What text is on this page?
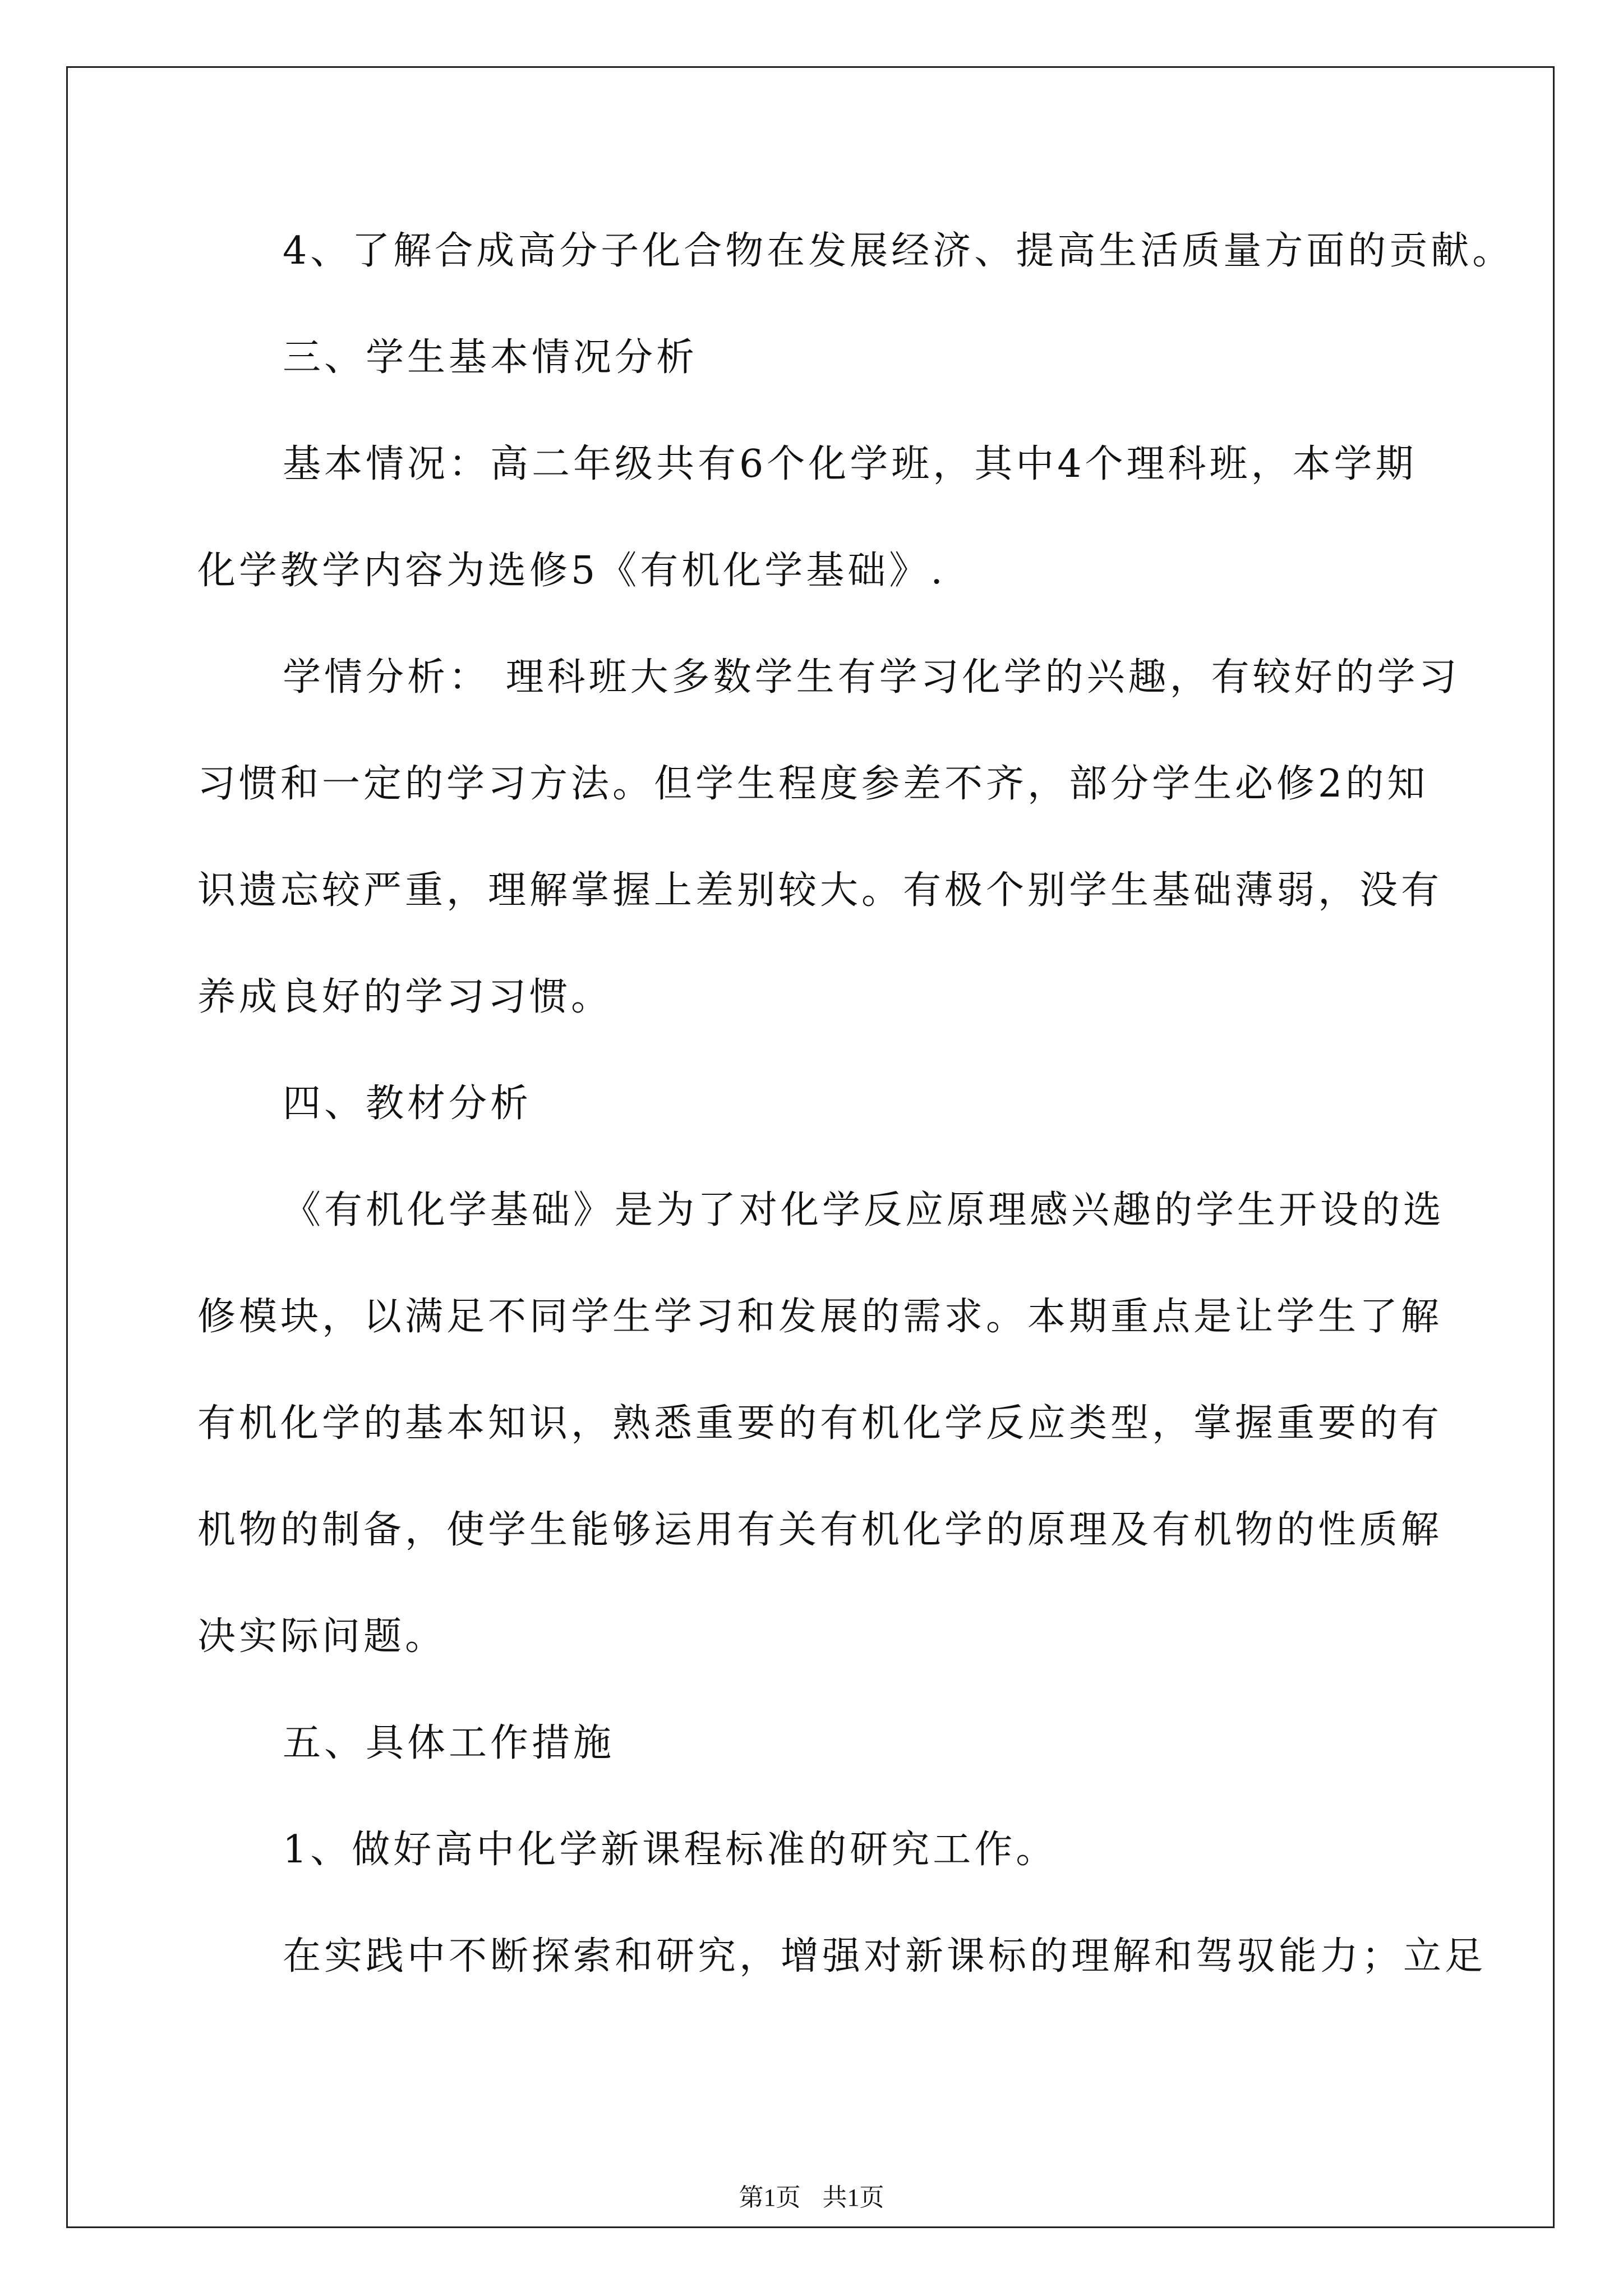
4、了解合成高分子化合物在发展经济、提高生活质量方面的贡献。
三、学生基本情况分析
基本情况：高二年级共有6个化学班，其中4个理科班，本学期
化学教学内容为选修5《有机化学基础》.
学情分析： 理科班大多数学生有学习化学的兴趣，有较好的学习
习惯和一定的学习方法。但学生程度参差不齐，部分学生必修2的知
识遗忘较严重，理解掌握上差别较大。有极个别学生基础薄弱，没有
养成良好的学习习惯。
四、教材分析
《有机化学基础》是为了对化学反应原理感兴趣的学生开设的选
修模块，以满足不同学生学习和发展的需求。本期重点是让学生了解
有机化学的基本知识，熟悉重要的有机化学反应类型，掌握重要的有
机物的制备，使学生能够运用有关有机化学的原理及有机物的性质解
决实际问题。
五、具体工作措施
1、做好高中化学新课程标准的研究工作。
在实践中不断探索和研究，增强对新课标的理解和驾驭能力；立足
第1页 共1页
